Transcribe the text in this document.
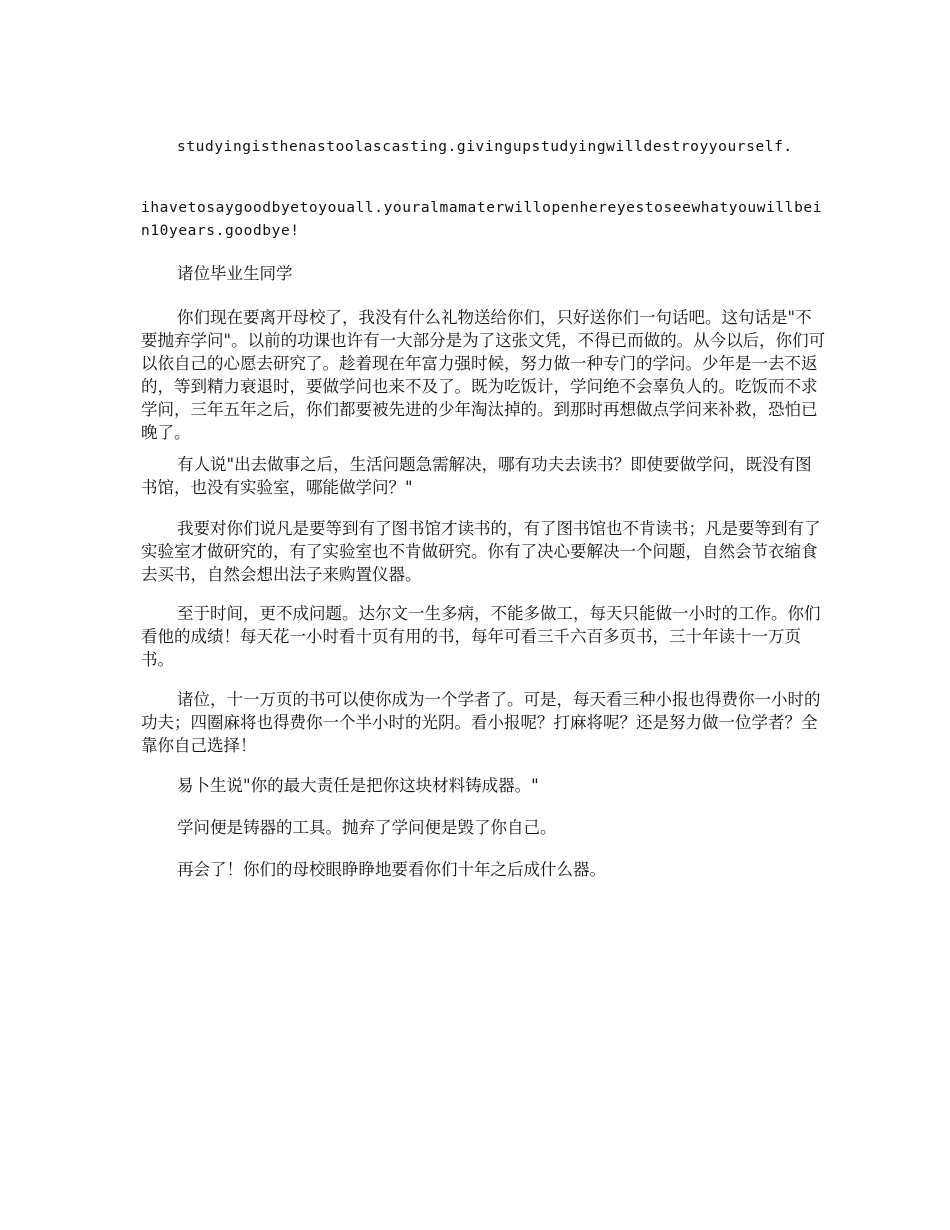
studyingisthenastoolascasting.givingupstudyingwilldestroyyourself.

ihavetosaygoodbyetoyouall.youralmamaterwillopenhereyestoseewhatyouwillbein10years.goodbye!

诸位毕业生同学

你们现在要离开母校了，我没有什么礼物送给你们，只好送你们一句话吧。这句话是"不要抛弃学问"。以前的功课也许有一大部分是为了这张文凭，不得已而做的。从今以后，你们可以依自己的心愿去研究了。趁着现在年富力强时候，努力做一种专门的学问。少年是一去不返的，等到精力衰退时，要做学问也来不及了。既为吃饭计，学问绝不会辜负人的。吃饭而不求学问，三年五年之后，你们都要被先进的少年淘汰掉的。到那时再想做点学问来补救，恐怕已晚了。

有人说"出去做事之后，生活问题急需解决，哪有功夫去读书？即使要做学问，既没有图书馆，也没有实验室，哪能做学问？"

我要对你们说凡是要等到有了图书馆才读书的，有了图书馆也不肯读书；凡是要等到有了实验室才做研究的，有了实验室也不肯做研究。你有了决心要解决一个问题，自然会节衣缩食去买书，自然会想出法子来购置仪器。

至于时间，更不成问题。达尔文一生多病，不能多做工，每天只能做一小时的工作。你们看他的成绩！每天花一小时看十页有用的书，每年可看三千六百多页书，三十年读十一万页书。

诸位，十一万页的书可以使你成为一个学者了。可是，每天看三种小报也得费你一小时的功夫；四圈麻将也得费你一个半小时的光阴。看小报呢？打麻将呢？还是努力做一位学者？全靠你自己选择！

易卜生说"你的最大责任是把你这块材料铸成器。"

学问便是铸器的工具。抛弃了学问便是毁了你自己。

再会了！你们的母校眼睁睁地要看你们十年之后成什么器。
